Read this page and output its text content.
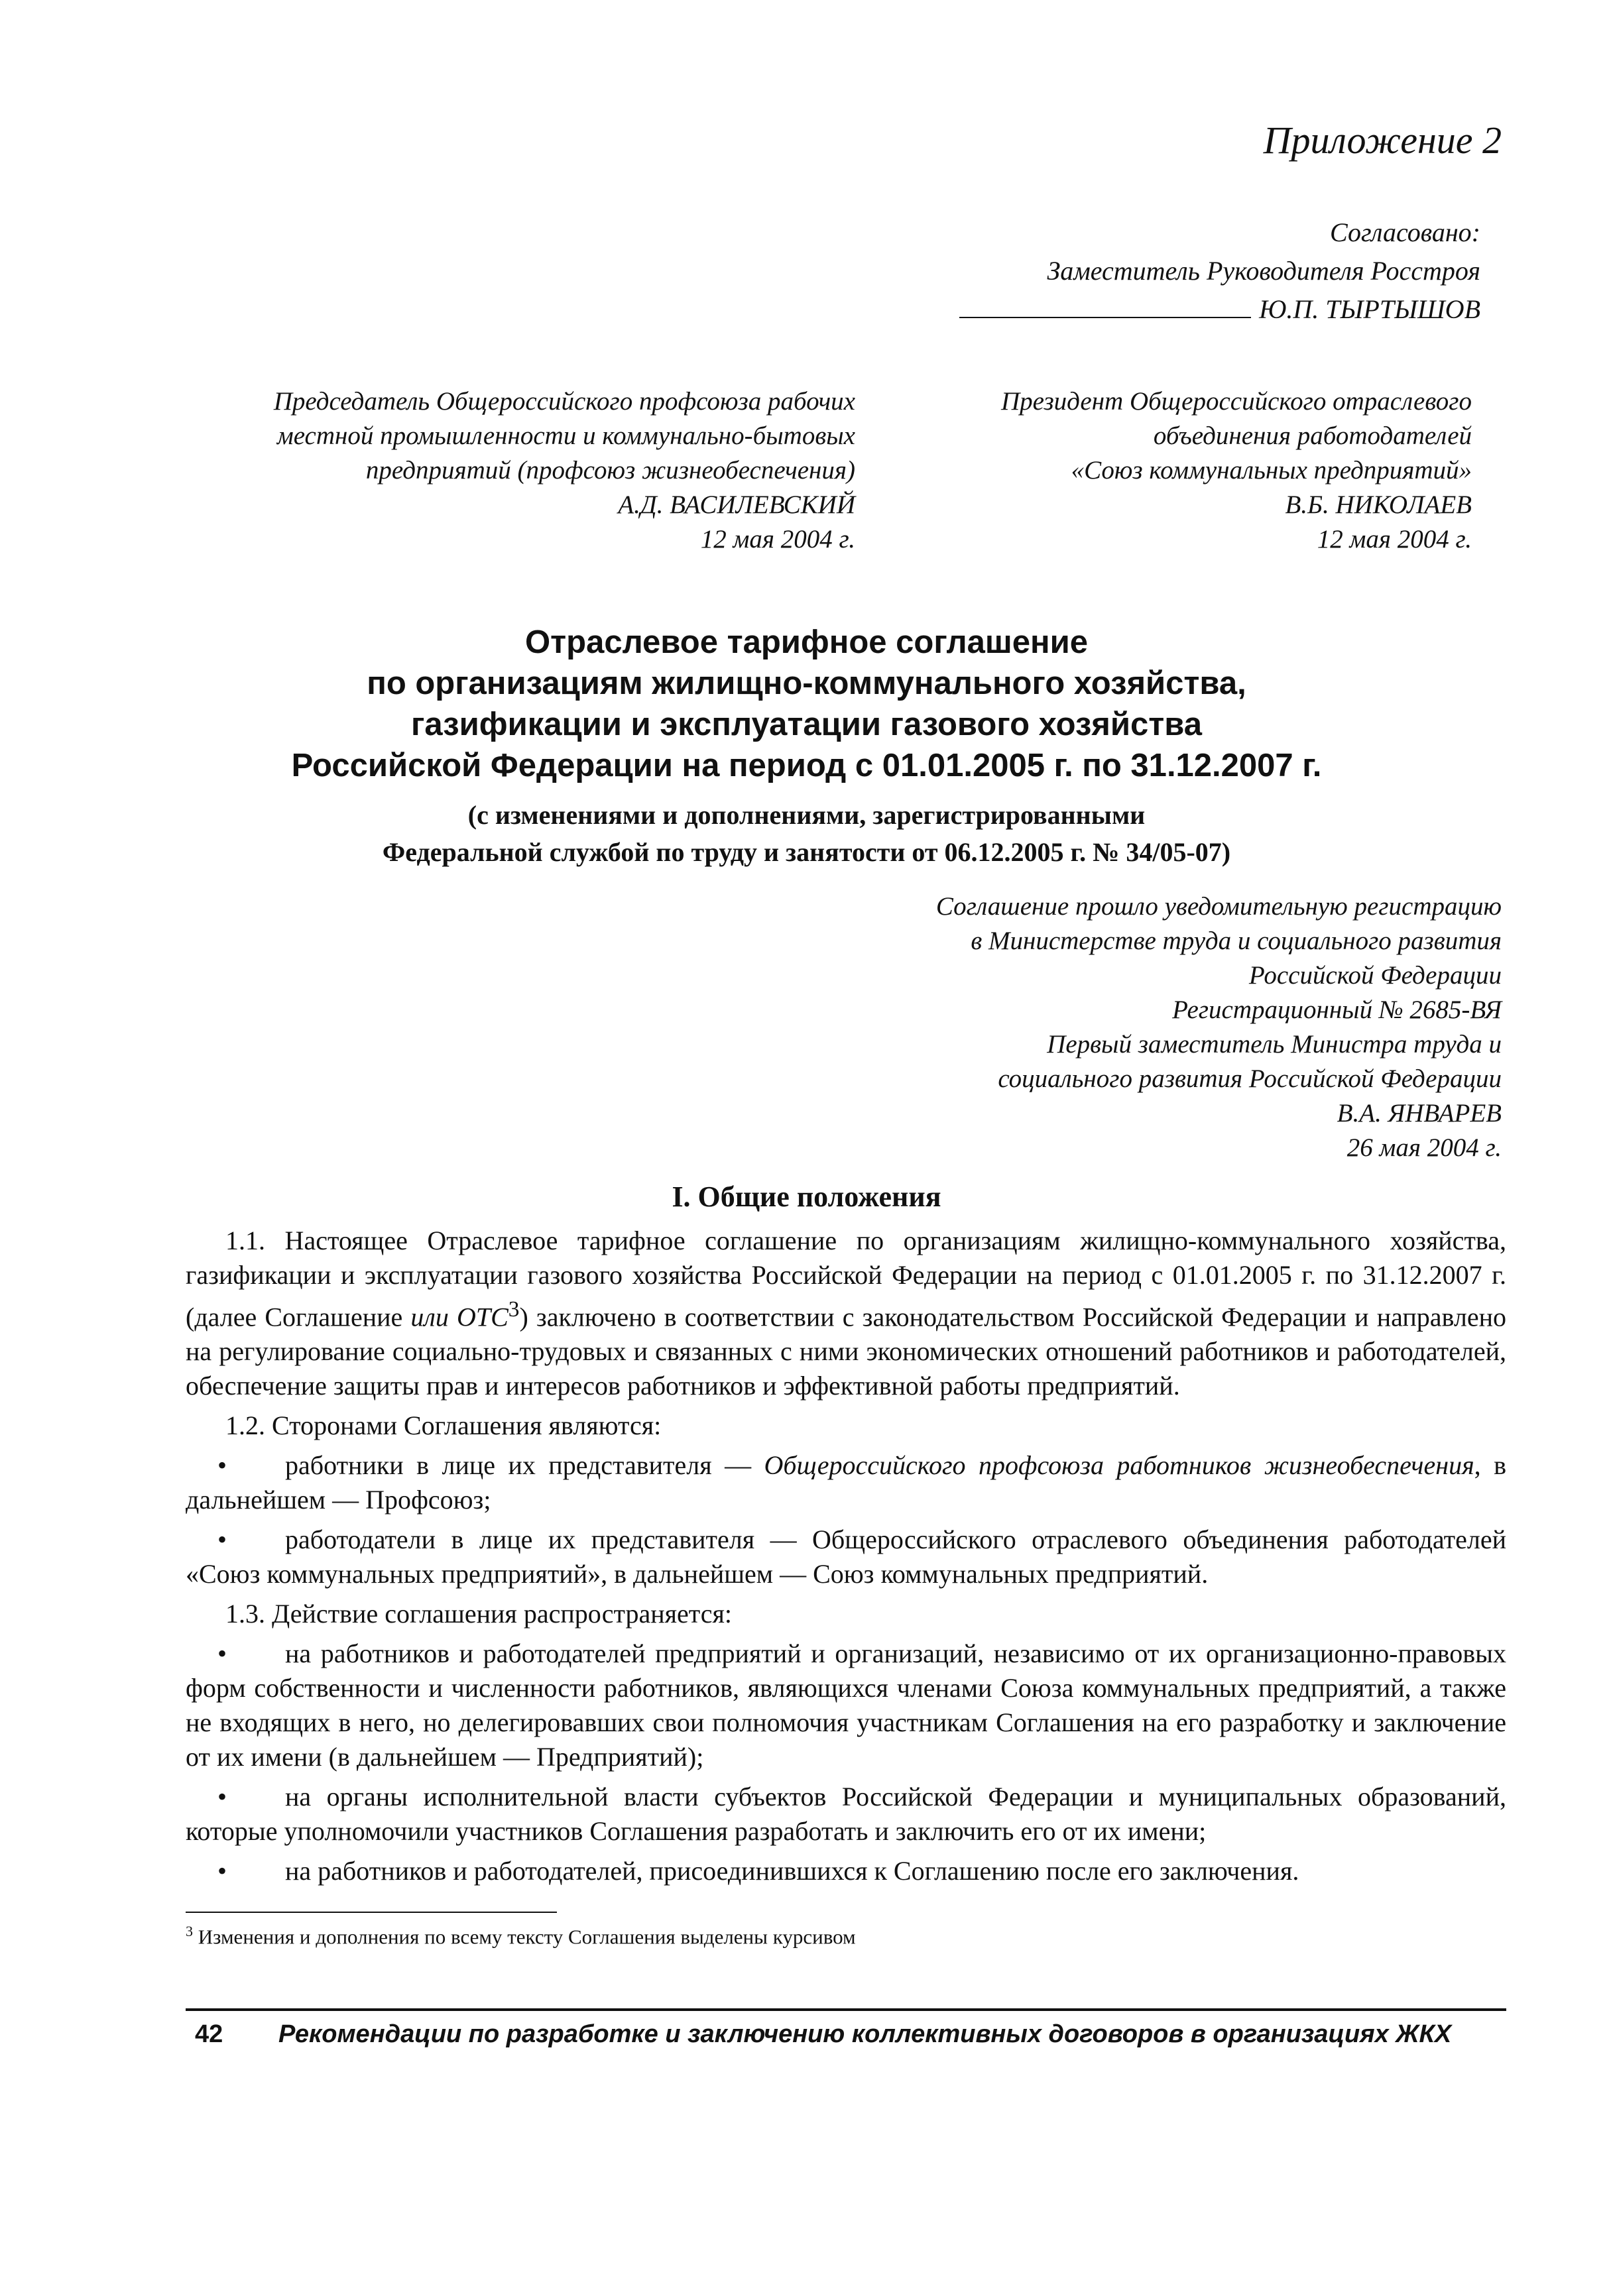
Приложение 2
Согласовано:
Заместитель Руководителя Росстроя
Ю.П. ТЫРТЫШОВ
Председатель Общероссийского профсоюза рабочих
местной промышленности и коммунально-бытовых
предприятий (профсоюз жизнеобеспечения)
А.Д. ВАСИЛЕВСКИЙ
12 мая 2004 г.
Президент Общероссийского отраслевого
объединения работодателей
«Союз коммунальных предприятий»
В.Б. НИКОЛАЕВ
12 мая 2004 г.
Отраслевое тарифное соглашение
по организациям жилищно-коммунального хозяйства,
газификации и эксплуатации газового хозяйства
Российской Федерации на период с 01.01.2005 г. по 31.12.2007 г.
(с изменениями и дополнениями, зарегистрированными
Федеральной службой по труду и занятости от 06.12.2005 г. № 34/05-07)
Соглашение прошло уведомительную регистрацию
в Министерстве труда и социального развития
Российской Федерации
Регистрационный № 2685-ВЯ
Первый заместитель Министра труда и
социального развития Российской Федерации
В.А. ЯНВАРЕВ
26 мая 2004 г.
I. Общие положения

1.1. Настоящее Отраслевое тарифное соглашение по организациям жилищно-коммунального хозяйства, газификации и эксплуатации газового хозяйства Российской Федерации на период с 01.01.2005 г. по 31.12.2007 г. (далее Соглашение или ОТС$^3$) заключено в соответствии с законодательством Российской Федерации и направлено на регулирование социально-трудовых и связанных с ними экономических отношений работников и работодателей, обеспечение защиты прав и интересов работников и эффективной работы предприятий.

1.2. Сторонами Соглашения являются:

• работники в лице их представителя — Общероссийского профсоюза работников жизнеобеспечения, в дальнейшем — Профсоюз;
• работодатели в лице их представителя — Общероссийского отраслевого объединения работодателей «Союз коммунальных предприятий», в дальнейшем — Союз коммунальных предприятий.

1.3. Действие соглашения распространяется:

• на работников и работодателей предприятий и организаций, независимо от их организационно-правовых форм собственности и численности работников, являющихся членами Союза коммунальных предприятий, а также не входящих в него, но делегировавших свои полномочия участникам Соглашения на его разработку и заключение от их имени (в дальнейшем — Предприятий);
• на органы исполнительной власти субъектов Российской Федерации и муниципальных образований, которые уполномочили участников Соглашения разработать и заключить его от их имени;
• на работников и работодателей, присоединившихся к Соглашению после его заключения.
$^3$ Изменения и дополнения по всему тексту Соглашения выделены курсивом
42 Рекомендации по разработке и заключению коллективных договоров в организациях ЖКХ
